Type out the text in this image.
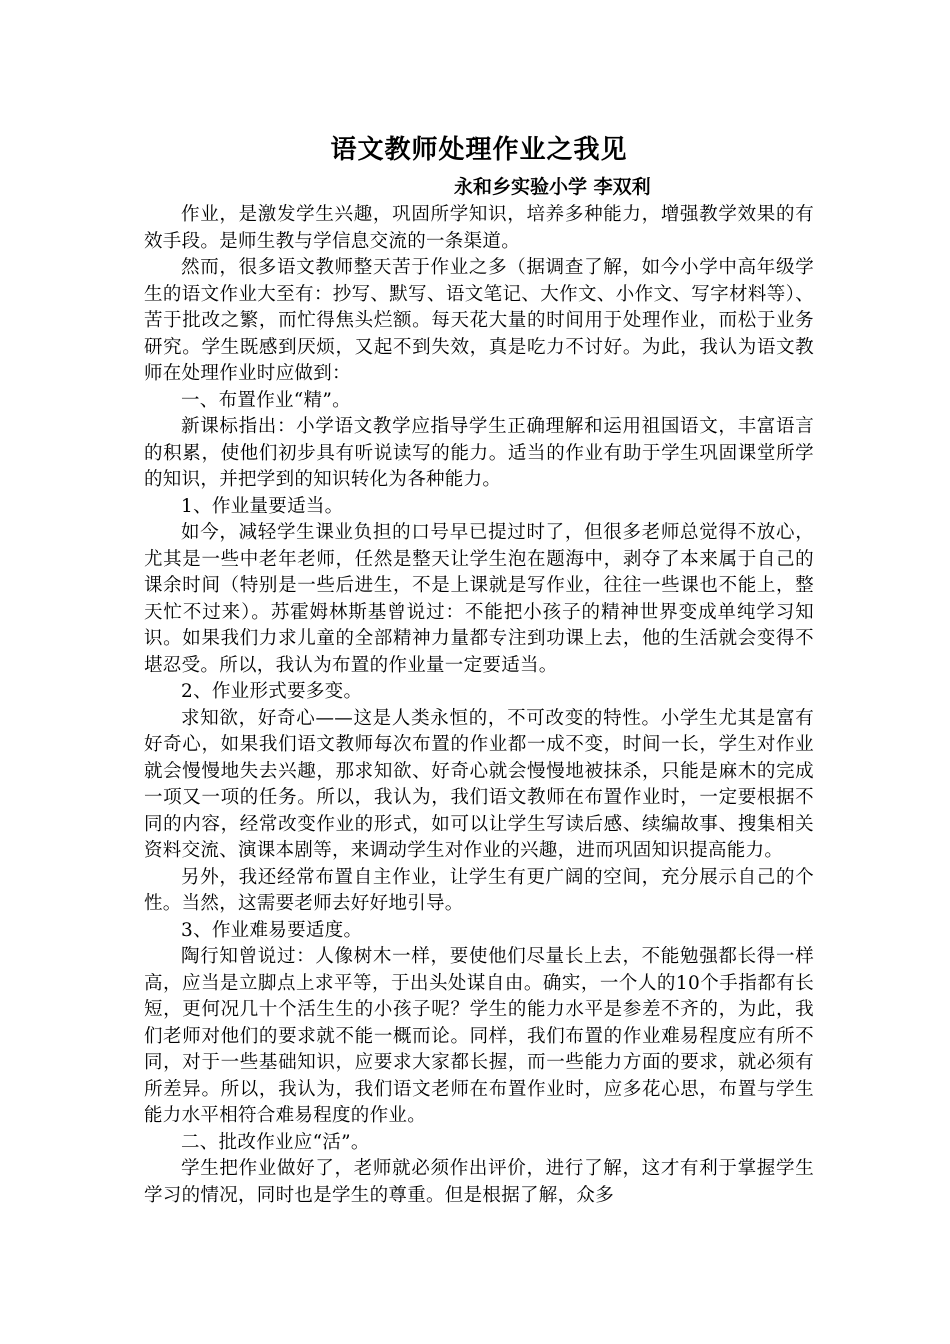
语文教师处理作业之我见

永和乡实验小学 李双利

作业，是激发学生兴趣，巩固所学知识，培养多种能力，增强教学效果的有效手段。是师生教与学信息交流的一条渠道。

然而，很多语文教师整天苦于作业之多（据调查了解，如今小学中高年级学生的语文作业大至有：抄写、默写、语文笔记、大作文、小作文、写字材料等）、苦于批改之繁，而忙得焦头烂额。每天花大量的时间用于处理作业，而松于业务研究。学生既感到厌烦，又起不到失效，真是吃力不讨好。为此，我认为语文教师在处理作业时应做到：

一、布置作业“精”。

新课标指出：小学语文教学应指导学生正确理解和运用祖国语文，丰富语言的积累，使他们初步具有听说读写的能力。适当的作业有助于学生巩固课堂所学的知识，并把学到的知识转化为各种能力。

1、作业量要适当。

如今，减轻学生课业负担的口号早已提过时了，但很多老师总觉得不放心，尤其是一些中老年老师，任然是整天让学生泡在题海中，剥夺了本来属于自己的课余时间（特别是一些后进生，不是上课就是写作业，往往一些课也不能上，整天忙不过来）。苏霍姆林斯基曾说过：不能把小孩子的精神世界变成单纯学习知识。如果我们力求儿童的全部精神力量都专注到功课上去，他的生活就会变得不堪忍受。所以，我认为布置的作业量一定要适当。

2、作业形式要多变。

求知欲，好奇心——这是人类永恒的，不可改变的特性。小学生尤其是富有好奇心，如果我们语文教师每次布置的作业都一成不变，时间一长，学生对作业就会慢慢地失去兴趣，那求知欲、好奇心就会慢慢地被抹杀，只能是麻木的完成一项又一项的任务。所以，我认为，我们语文教师在布置作业时，一定要根据不同的内容，经常改变作业的形式，如可以让学生写读后感、续编故事、搜集相关资料交流、演课本剧等，来调动学生对作业的兴趣，进而巩固知识提高能力。

另外，我还经常布置自主作业，让学生有更广阔的空间，充分展示自己的个性。当然，这需要老师去好好地引导。

3、作业难易要适度。

陶行知曾说过：人像树木一样，要使他们尽量长上去，不能勉强都长得一样高，应当是立脚点上求平等，于出头处谋自由。确实，一个人的10个手指都有长短，更何况几十个活生生的小孩子呢？学生的能力水平是参差不齐的，为此，我们老师对他们的要求就不能一概而论。同样，我们布置的作业难易程度应有所不同，对于一些基础知识，应要求大家都长握，而一些能力方面的要求，就必须有所差异。所以，我认为，我们语文老师在布置作业时，应多花心思，布置与学生能力水平相符合难易程度的作业。

二、批改作业应“活”。

学生把作业做好了，老师就必须作出评价，进行了解，这才有利于掌握学生学习的情况，同时也是学生的尊重。但是根据了解，众多
